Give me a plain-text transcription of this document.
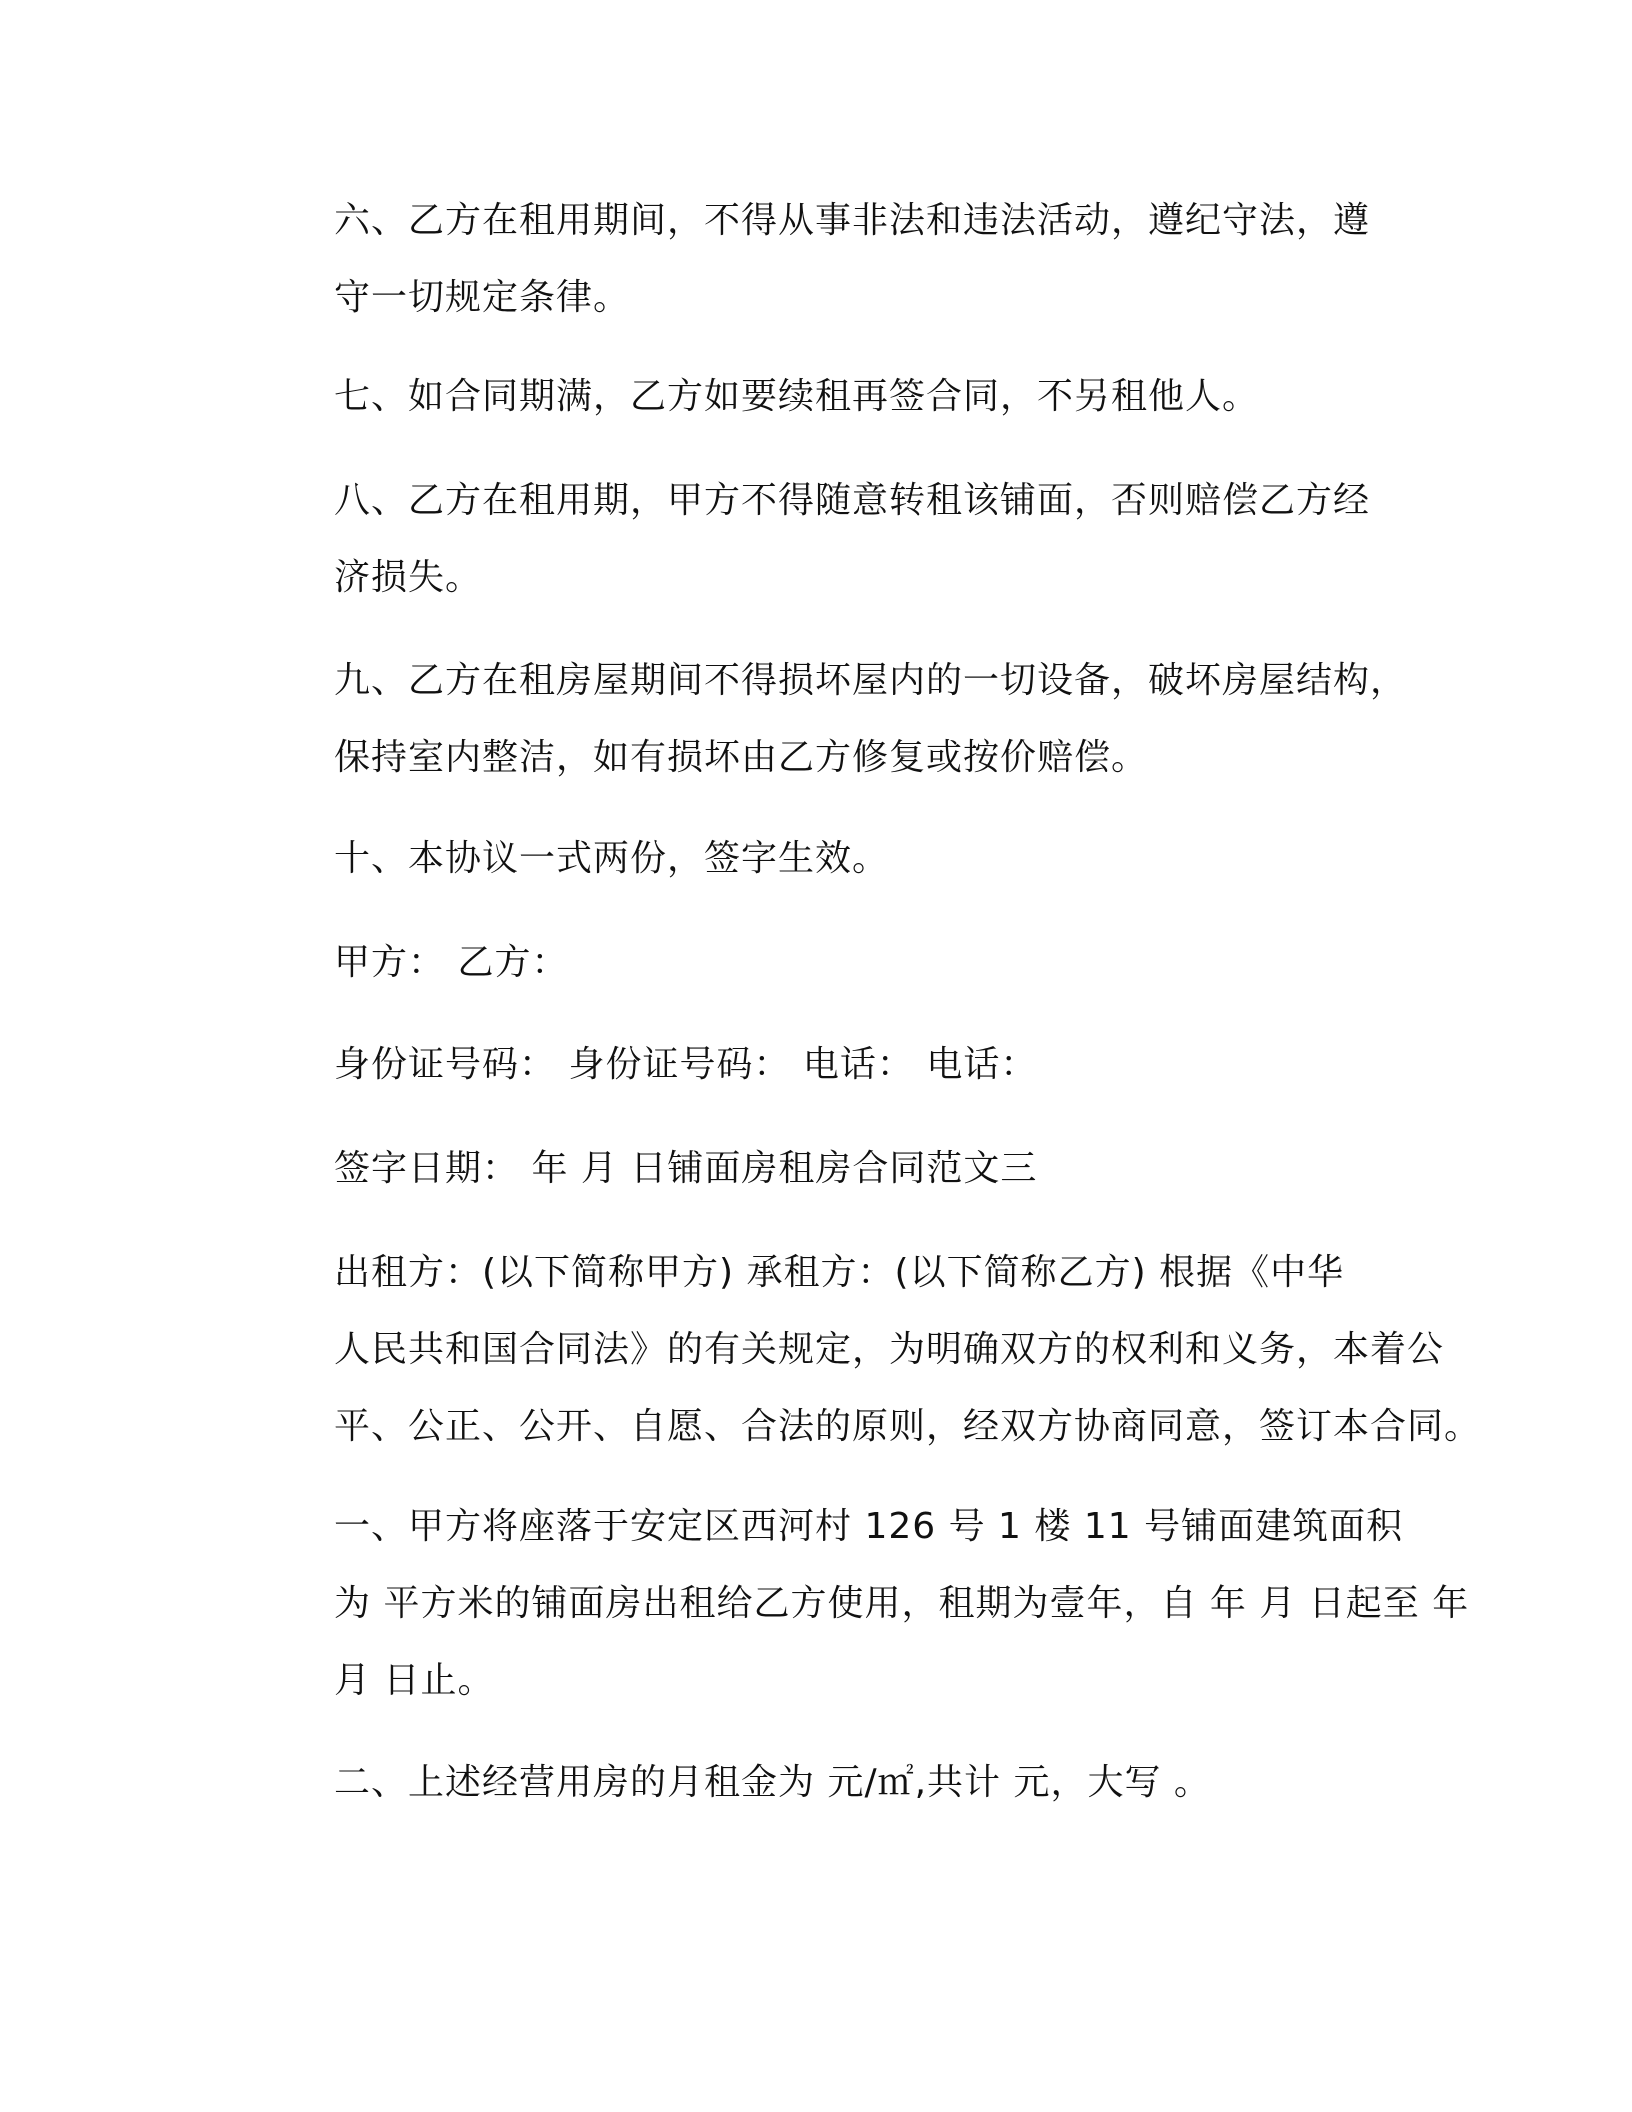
六、乙方在租用期间，不得从事非法和违法活动，遵纪守法，遵
守一切规定条律。

七、如合同期满，乙方如要续租再签合同，不另租他人。

八、乙方在租用期，甲方不得随意转租该铺面，否则赔偿乙方经
济损失。

九、乙方在租房屋期间不得损坏屋内的一切设备，破坏房屋结构，
保持室内整洁，如有损坏由乙方修复或按价赔偿。

十、本协议一式两份，签字生效。

甲方： 乙方：

身份证号码： 身份证号码： 电话： 电话：

签字日期： 年 月 日铺面房租房合同范文三

出租方：(以下简称甲方) 承租方：(以下简称乙方) 根据《中华
人民共和国合同法》的有关规定，为明确双方的权利和义务，本着公
平、公正、公开、自愿、合法的原则，经双方协商同意，签订本合同。

一、甲方将座落于安定区西河村 126 号 1 楼 11 号铺面建筑面积
为 平方米的铺面房出租给乙方使用，租期为壹年，自 年 月 日起至 年
月 日止。

二、上述经营用房的月租金为 元/㎡,共计 元，大写 。
